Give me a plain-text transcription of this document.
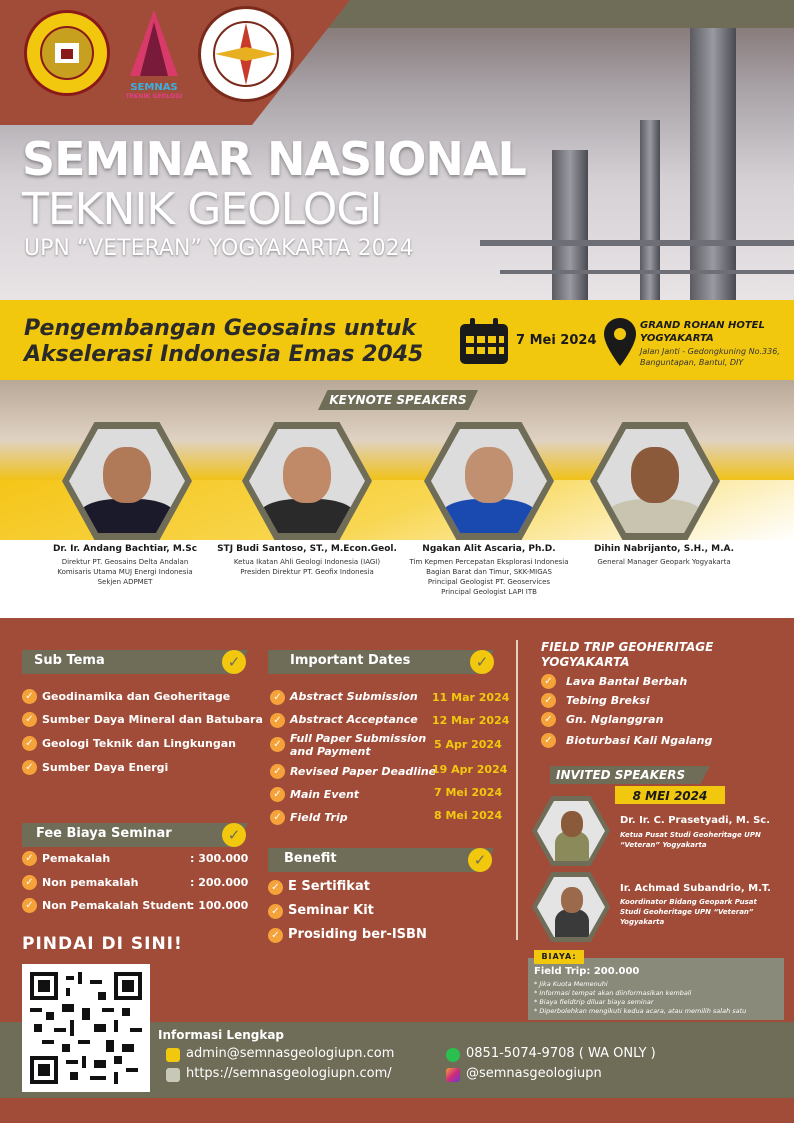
SEMNAS
TEKNIK GEOLOGI
SEMINAR NASIONAL
TEKNIK GEOLOGI
UPN “VETERAN” YOGYAKARTA 2024
Pengembangan Geosains untuk
Akselerasi Indonesia Emas 2045
7 Mei 2024
GRAND ROHAN HOTEL
YOGYAKARTA
Jalan Janti - Gedongkuning No.336,
Banguntapan, Bantul, DIY
KEYNOTE SPEAKERS
Dr. Ir. Andang Bachtiar, M.Sc
Direktur PT. Geosains Delta Andalan
Komisaris Utama MUJ Energi Indonesia
Sekjen ADPMET
STJ Budi Santoso, ST., M.Econ.Geol.
Ketua Ikatan Ahli Geologi Indonesia (IAGI)
Presiden Direktur PT. Geofix Indonesia
Ngakan Alit Ascaria, Ph.D.
Tim Kepmen Percepatan Eksplorasi Indonesia
Bagian Barat dan Timur, SKK-MIGAS
Principal Geologist PT. Geoservices
Principal Geologist LAPI ITB
Dihin Nabrijanto, S.H., M.A.
General Manager Geopark Yogyakarta
Sub Tema	✓
✓ Geodinamika dan Geoheritage
✓ Sumber Daya Mineral dan Batubara
✓ Geologi Teknik dan Lingkungan
✓ Sumber Daya Energi
Important Dates	✓
✓ Abstract Submission 11 Mar 2024
✓ Abstract Acceptance 12 Mar 2024
✓ Full Paper Submission
and Payment
5 Apr 2024
✓ Revised Paper Deadline
19 Apr 2024
✓ Main Event	7 Mei 2024
✓ Field Trip	8 Mei 2024
Fee Biaya Seminar	✓
✓ Pemakalah	: 300.000
✓ Non pemakalah	: 200.000
✓ Non Pemakalah Student
: 100.000
Benefit	✓
✓ E Sertifikat
✓ Seminar Kit
✓ Prosiding ber-ISBN
FIELD TRIP GEOHERITAGE
YOGYAKARTA
✓	Lava Bantal Berbah
✓	Tebing Breksi
✓	Gn. Nglanggran
✓	Bioturbasi Kali Ngalang
INVITED SPEAKERS
8 MEI 2024
Dr. Ir. C. Prasetyadi, M. Sc.
Ketua Pusat Studi Geoheritage UPN
“Veteran” Yogyakarta
Ir. Achmad Subandrio, M.T.
Koordinator Bidang Geopark Pusat
Studi Geoheritage UPN “Veteran”
Yogyakarta
BIAYA:
Field Trip: 200.000
* Jika Kuota Memenuhi
* Informasi tempat akan diinformasikan kembali
* Biaya fieldtrip diluar biaya seminar
* Diperbolehkan mengikuti kedua acara, atau memilih salah satu
PINDAI DI SINI!
Informasi Lengkap
admin@semnasgeologiupn.com
https://semnasgeologiupn.com/
0851-5074-9708 ( WA ONLY )
@semnasgeologiupn
